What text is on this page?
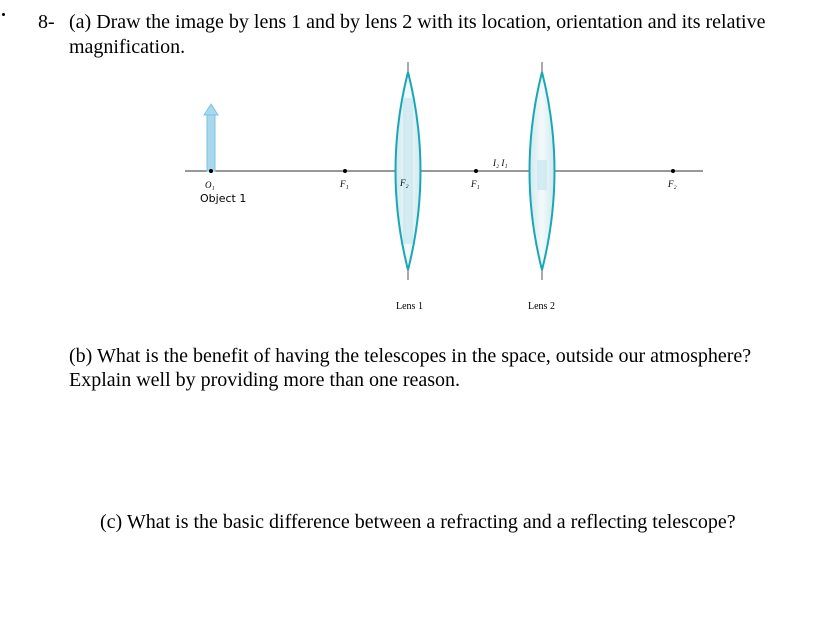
8- (a) Draw the image by lens 1 and by lens 2 with its location, orientation and its relative
magnification.
O₁
Object 1
F₁	F₂	F₁
I₂ I₁
F₂
Lens 1	Lens 2
(b) What is the benefit of having the telescopes in the space, outside our atmosphere?
Explain well by providing more than one reason.
(c) What is the basic difference between a refracting and a reflecting telescope?
